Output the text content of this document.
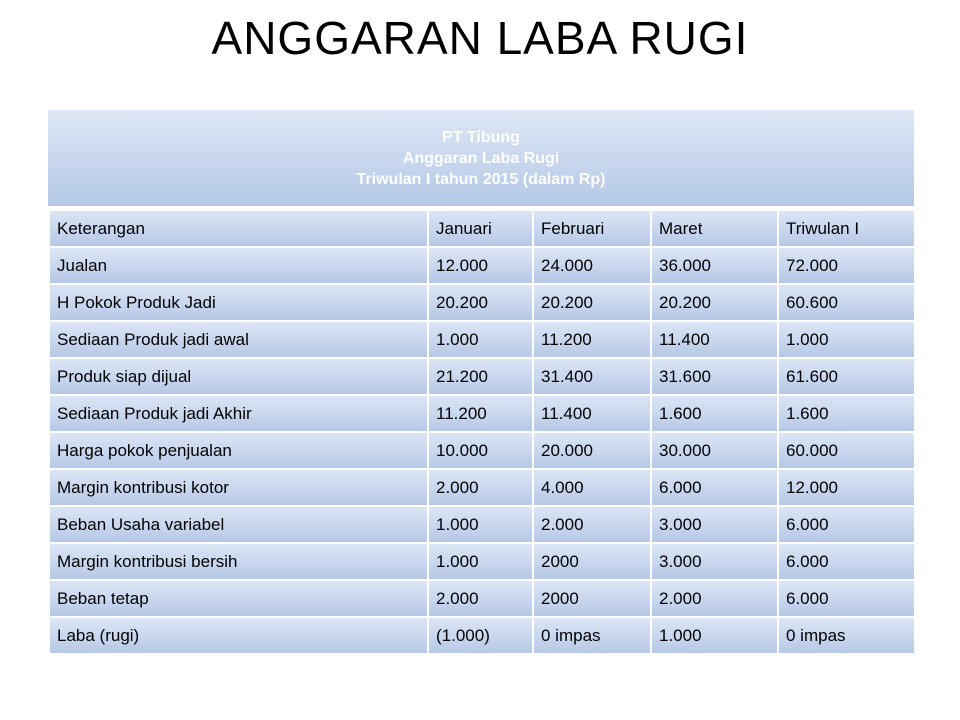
ANGGARAN LABA RUGI
PT Tibung
Anggaran Laba Rugi
Triwulan I tahun 2015 (dalam Rp)
Keterangan	Januari	Februari	Maret	Triwulan I
Jualan	12.000	24.000	36.000	72.000
H Pokok Produk Jadi	20.200	20.200	20.200	60.600
Sediaan Produk jadi awal	1.000	11.200	11.400	1.000
Produk siap dijual	21.200	31.400	31.600	61.600
Sediaan Produk jadi Akhir	11.200	11.400	1.600	1.600
Harga pokok penjualan	10.000	20.000	30.000	60.000
Margin kontribusi kotor	2.000	4.000	6.000	12.000
Beban Usaha variabel	1.000	2.000	3.000	6.000
Margin kontribusi bersih	1.000	2000	3.000	6.000
Beban tetap	2.000	2000	2.000	6.000
Laba (rugi)	(1.000)	0 impas	1.000	0 impas
